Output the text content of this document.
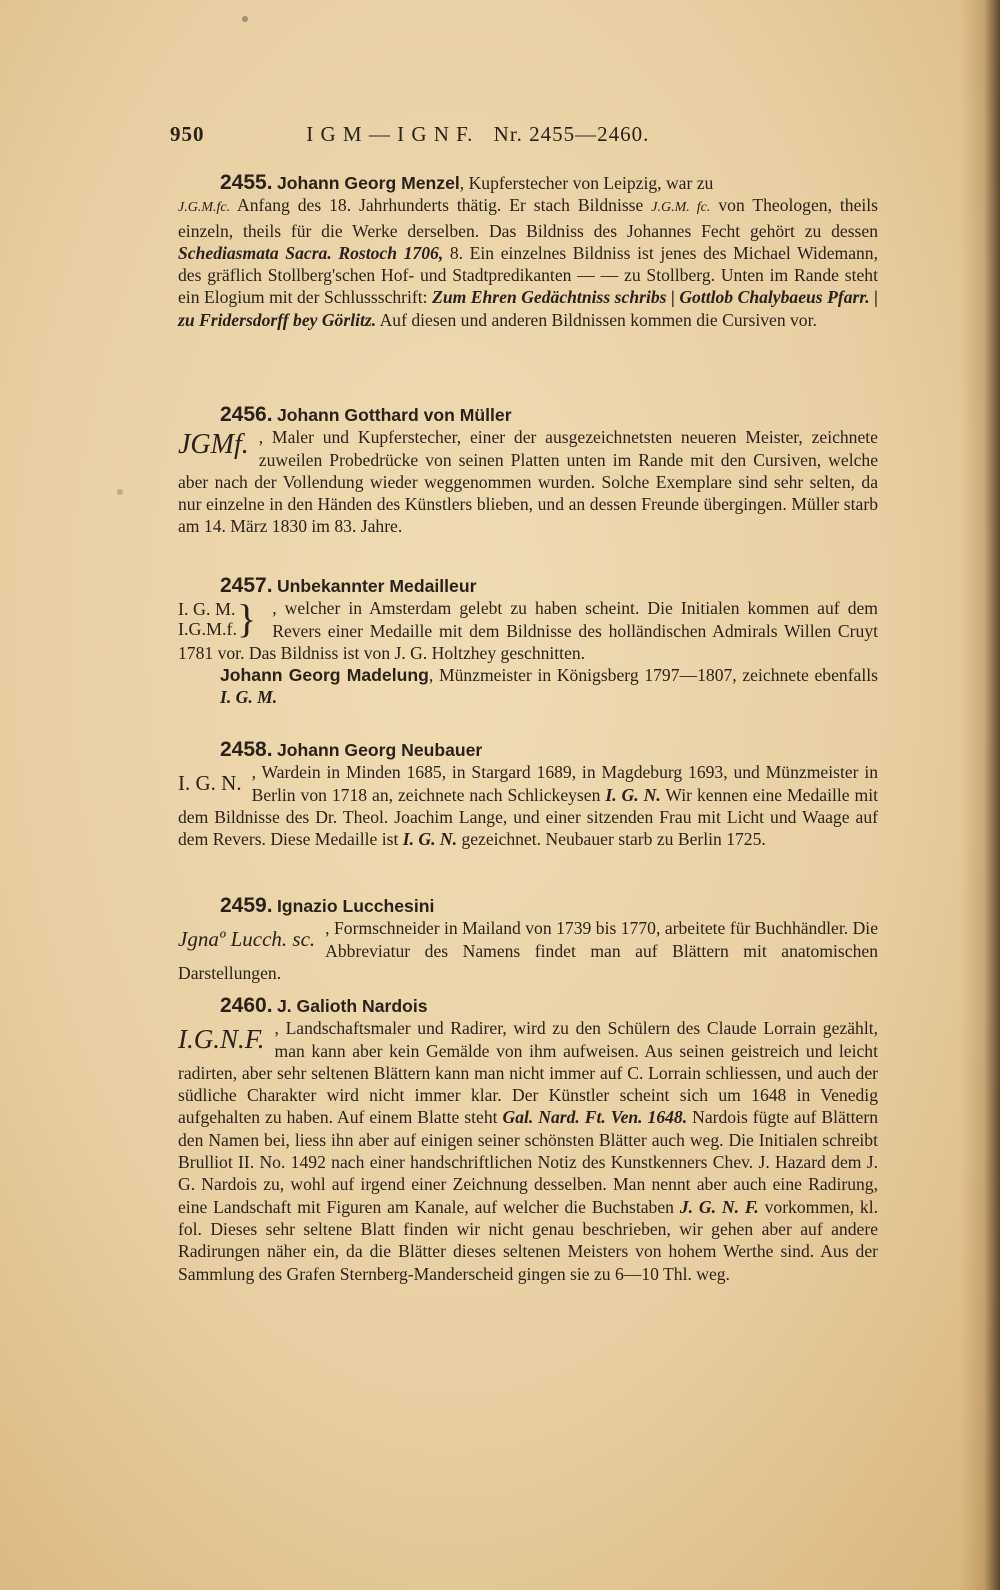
950	I G M — I G N F. Nr. 2455—2460.
2455. Johann Georg Menzel, Kupferstecher von Leipzig, war zu
J.G.M.fc. Anfang des 18. Jahrhunderts thätig. Er stach Bildnisse J.G.M. fc. von Theologen, theils einzeln, theils für die Werke derselben. Das Bildniss des Johannes Fecht gehört zu dessen Schediasmata Sacra. Rostoch 1706, 8. Ein einzelnes Bildniss ist jenes des Michael Widemann, des gräflich Stollberg'schen Hof- und Stadtpredikanten — — zu Stollberg. Unten im Rande steht ein Elogium mit der Schlussschrift: Zum Ehren Gedächtniss schribs | Gottlob Chalybaeus Pfarr. | zu Fridersdorff bey Görlitz. Auf diesen und anderen Bildnissen kommen die Cursiven vor.
2456. Johann Gotthard von Müller
JGMf. , Maler und Kupferstecher, einer der ausgezeichnetsten neueren Meister, zeichnete zuweilen Probedrücke von seinen Platten unten im Rande mit den Cursiven, welche aber nach der Vollendung wieder weggenommen wurden. Solche Exemplare sind sehr selten, da nur einzelne in den Händen des Künstlers blieben, und an dessen Freunde übergingen. Müller starb am 14. März 1830 im 83. Jahre.
2457. Unbekannter Medailleur
I. G. M.
I.G.M.f. } , welcher in Amsterdam gelebt zu haben scheint. Die Initialen kommen auf dem Revers einer Medaille mit dem Bildnisse des holländischen Admirals Willen Cruyt 1781 vor. Das Bildniss ist von J. G. Holtzhey geschnitten.
Johann Georg Madelung, Münzmeister in Königsberg 1797—1807, zeichnete ebenfalls I. G. M.
2458. Johann Georg Neubauer
I. G. N. , Wardein in Minden 1685, in Stargard 1689, in Magdeburg 1693, und Münzmeister in Berlin von 1718 an, zeichnete nach Schlickeysen I. G. N. Wir kennen eine Medaille mit dem Bildnisse des Dr. Theol. Joachim Lange, und einer sitzenden Frau mit Licht und Waage auf dem Revers. Diese Medaille ist I. G. N. gezeichnet. Neubauer starb zu Berlin 1725.
2459. Ignazio Lucchesini
Jgnaº Lucch. sc. , Formschneider in Mailand von 1739 bis 1770, arbeitete für Buchhändler. Die Abbreviatur des Namens findet man auf Blättern mit anatomischen Darstellungen.
2460. J. Galioth Nardois
I.G.N.F. , Landschaftsmaler und Radirer, wird zu den Schülern des Claude Lorrain gezählt, man kann aber kein Gemälde von ihm aufweisen. Aus seinen geistreich und leicht radirten, aber sehr seltenen Blättern kann man nicht immer auf C. Lorrain schliessen, und auch der südliche Charakter wird nicht immer klar. Der Künstler scheint sich um 1648 in Venedig aufgehalten zu haben. Auf einem Blatte steht Gal. Nard. Ft. Ven. 1648. Nardois fügte auf Blättern den Namen bei, liess ihn aber auf einigen seiner schönsten Blätter auch weg. Die Initialen schreibt Brulliot II. No. 1492 nach einer handschriftlichen Notiz des Kunstkenners Chev. J. Hazard dem J. G. Nardois zu, wohl auf irgend einer Zeichnung desselben. Man nennt aber auch eine Radirung, eine Landschaft mit Figuren am Kanale, auf welcher die Buchstaben J. G. N. F. vorkommen, kl. fol. Dieses sehr seltene Blatt finden wir nicht genau beschrieben, wir gehen aber auf andere Radirungen näher ein, da die Blätter dieses seltenen Meisters von hohem Werthe sind. Aus der Sammlung des Grafen Sternberg-Manderscheid gingen sie zu 6—10 Thl. weg.
